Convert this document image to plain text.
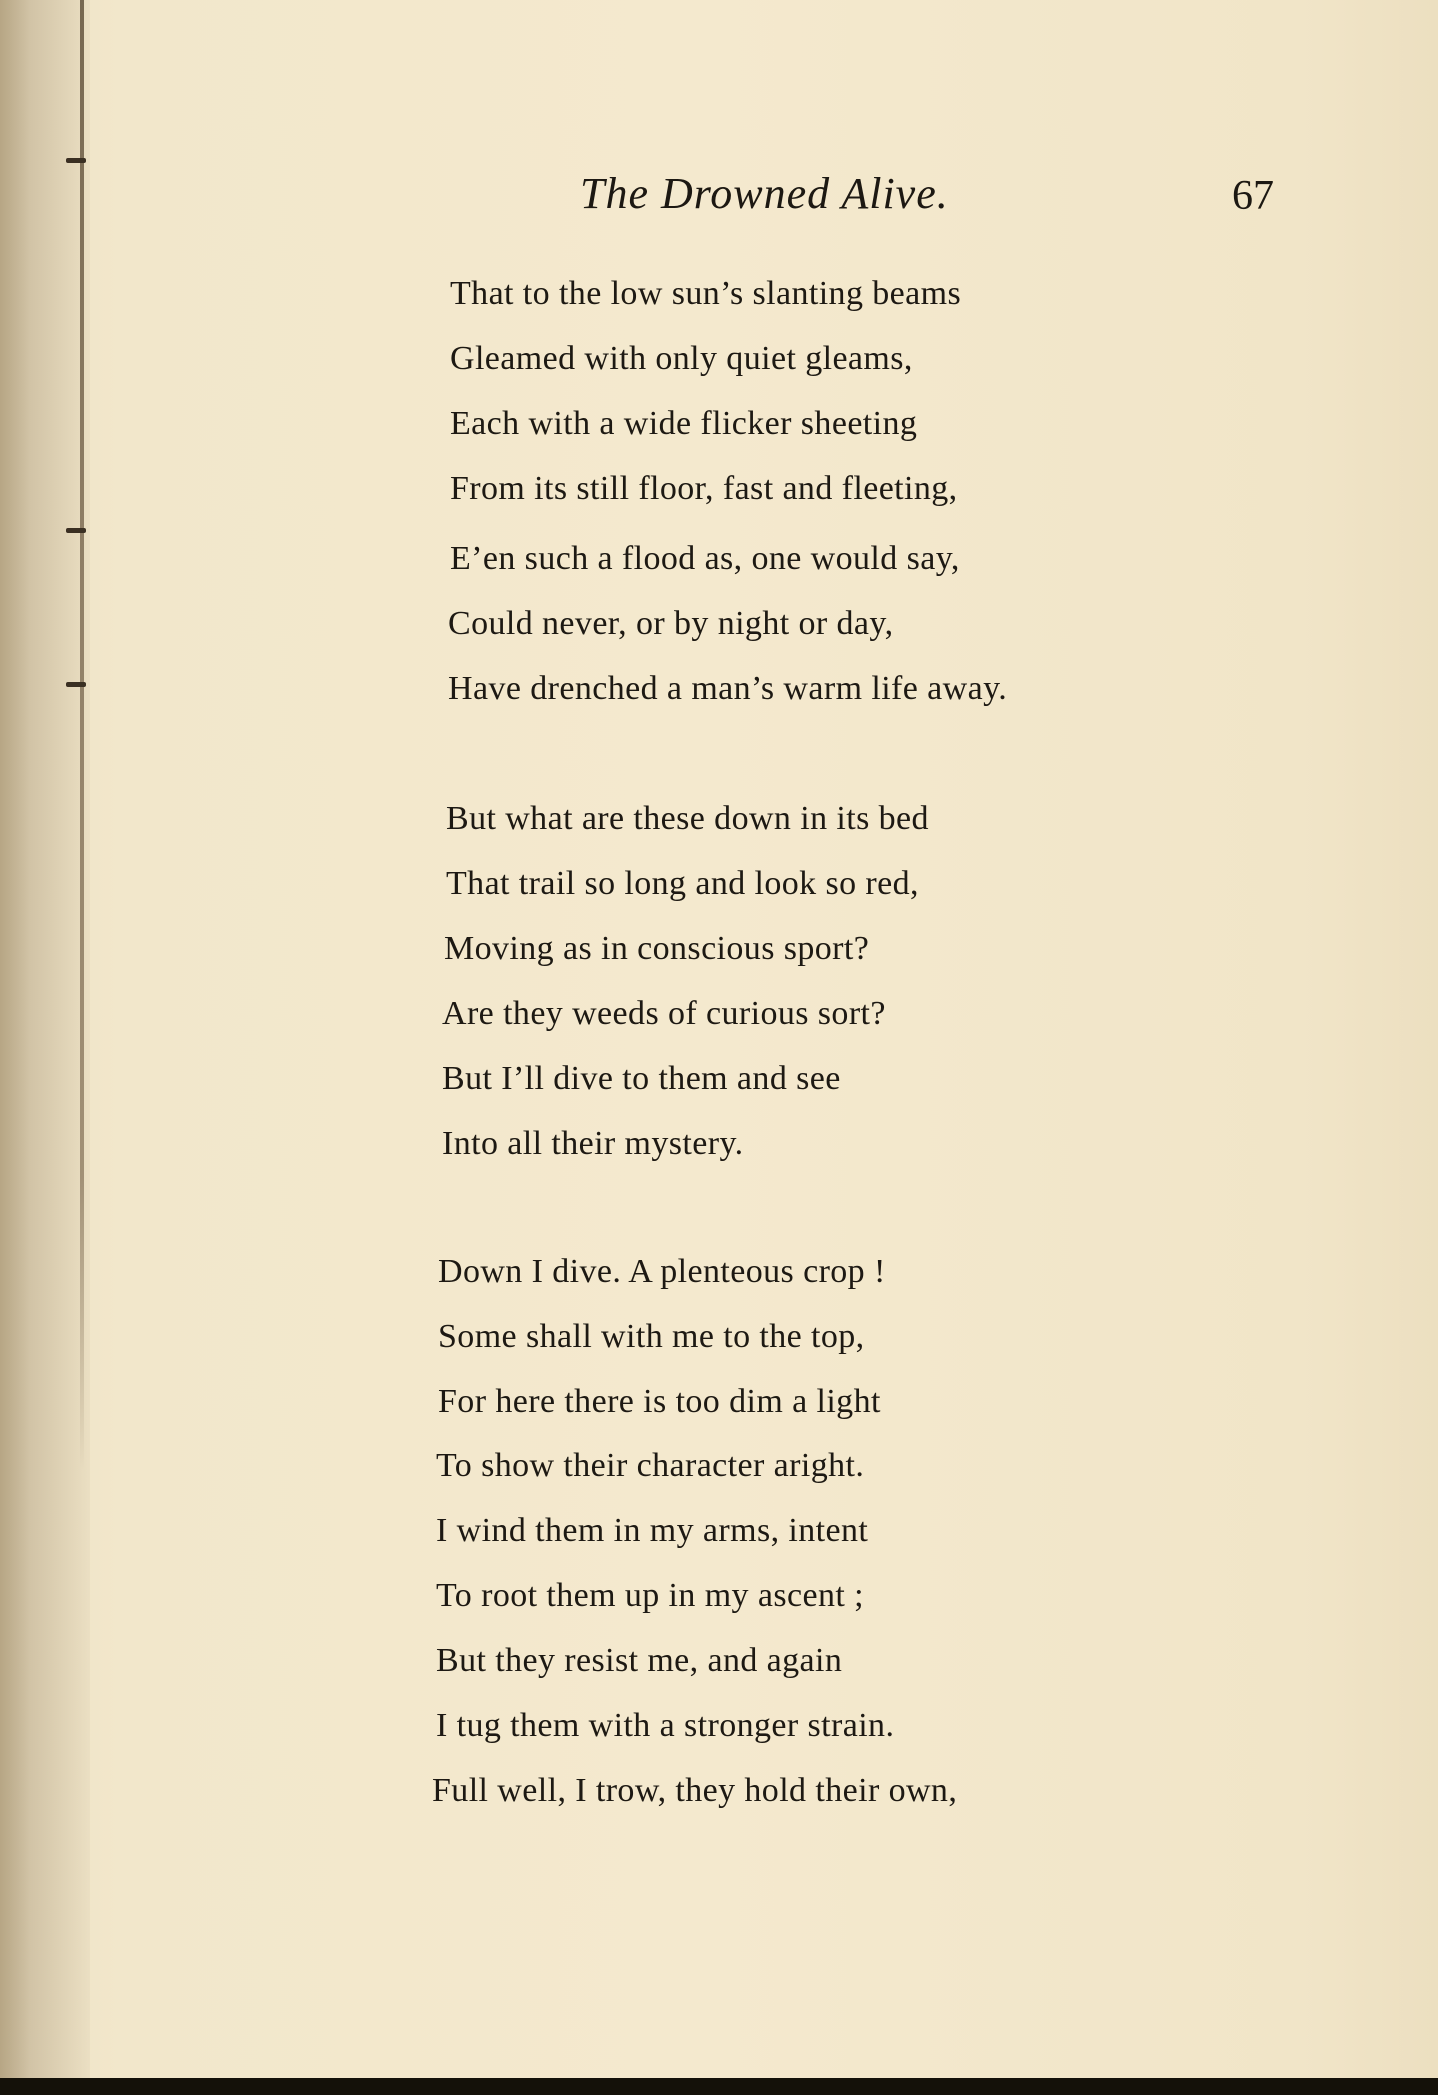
The Drowned Alive.	67
That to the low sun’s slanting beams
Gleamed with only quiet gleams,
Each with a wide flicker sheeting
From its still floor, fast and fleeting,
E’en such a flood as, one would say,
Could never, or by night or day,
Have drenched a man’s warm life away.
But what are these down in its bed
That trail so long and look so red,
Moving as in conscious sport?
Are they weeds of curious sort?
But I’ll dive to them and see
Into all their mystery.
Down I dive. A plenteous crop !
Some shall with me to the top,
For here there is too dim a light
To show their character aright.
I wind them in my arms, intent
To root them up in my ascent ;
But they resist me, and again
I tug them with a stronger strain.
Full well, I trow, they hold their own,
